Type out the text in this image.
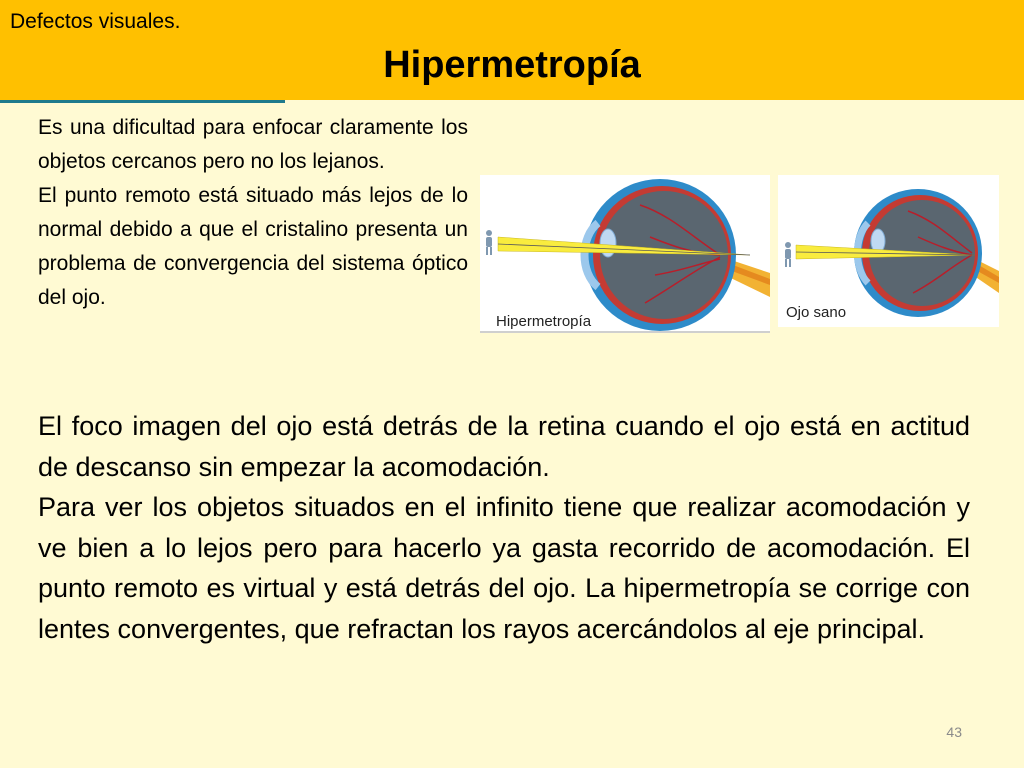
Defectos visuales.
Hipermetropía

Es una dificultad para enfocar claramente los objetos cercanos pero no los lejanos.

El punto remoto está situado más lejos de lo normal debido a que el cristalino presenta un problema de convergencia del sistema óptico del ojo.

Hipermetropía
Ojo sano

El foco imagen del ojo está detrás de la retina cuando el ojo está en actitud de descanso sin empezar la acomodación.

Para ver los objetos situados en el infinito tiene que realizar acomodación y ve bien a lo lejos pero para hacerlo ya gasta recorrido de acomodación. El punto remoto es virtual y está detrás del ojo. La hipermetropía se corrige con lentes convergentes, que refractan los rayos acercándolos al eje principal.

43
